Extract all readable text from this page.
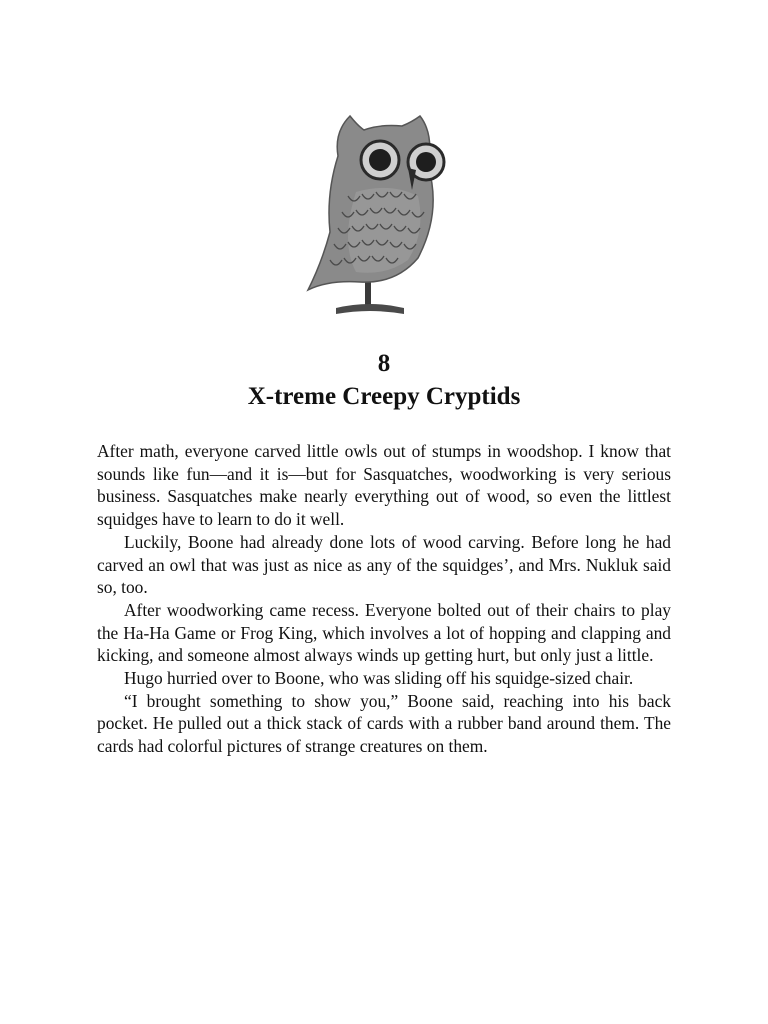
8
X-treme Creepy Cryptids

After math, everyone carved little owls out of stumps in woodshop. I know that sounds like fun—and it is—but for Sasquatches, woodworking is very serious business. Sasquatches make nearly everything out of wood, so even the littlest squidges have to learn to do it well.

Luckily, Boone had already done lots of wood carving. Before long he had carved an owl that was just as nice as any of the squidges’, and Mrs. Nukluk said so, too.

After woodworking came recess. Everyone bolted out of their chairs to play the Ha-Ha Game or Frog King, which involves a lot of hopping and clapping and kicking, and someone almost always winds up getting hurt, but only just a little.

Hugo hurried over to Boone, who was sliding off his squidge-sized chair.

“I brought something to show you,” Boone said, reaching into his back pocket. He pulled out a thick stack of cards with a rubber band around them. The cards had colorful pictures of strange creatures on them.
